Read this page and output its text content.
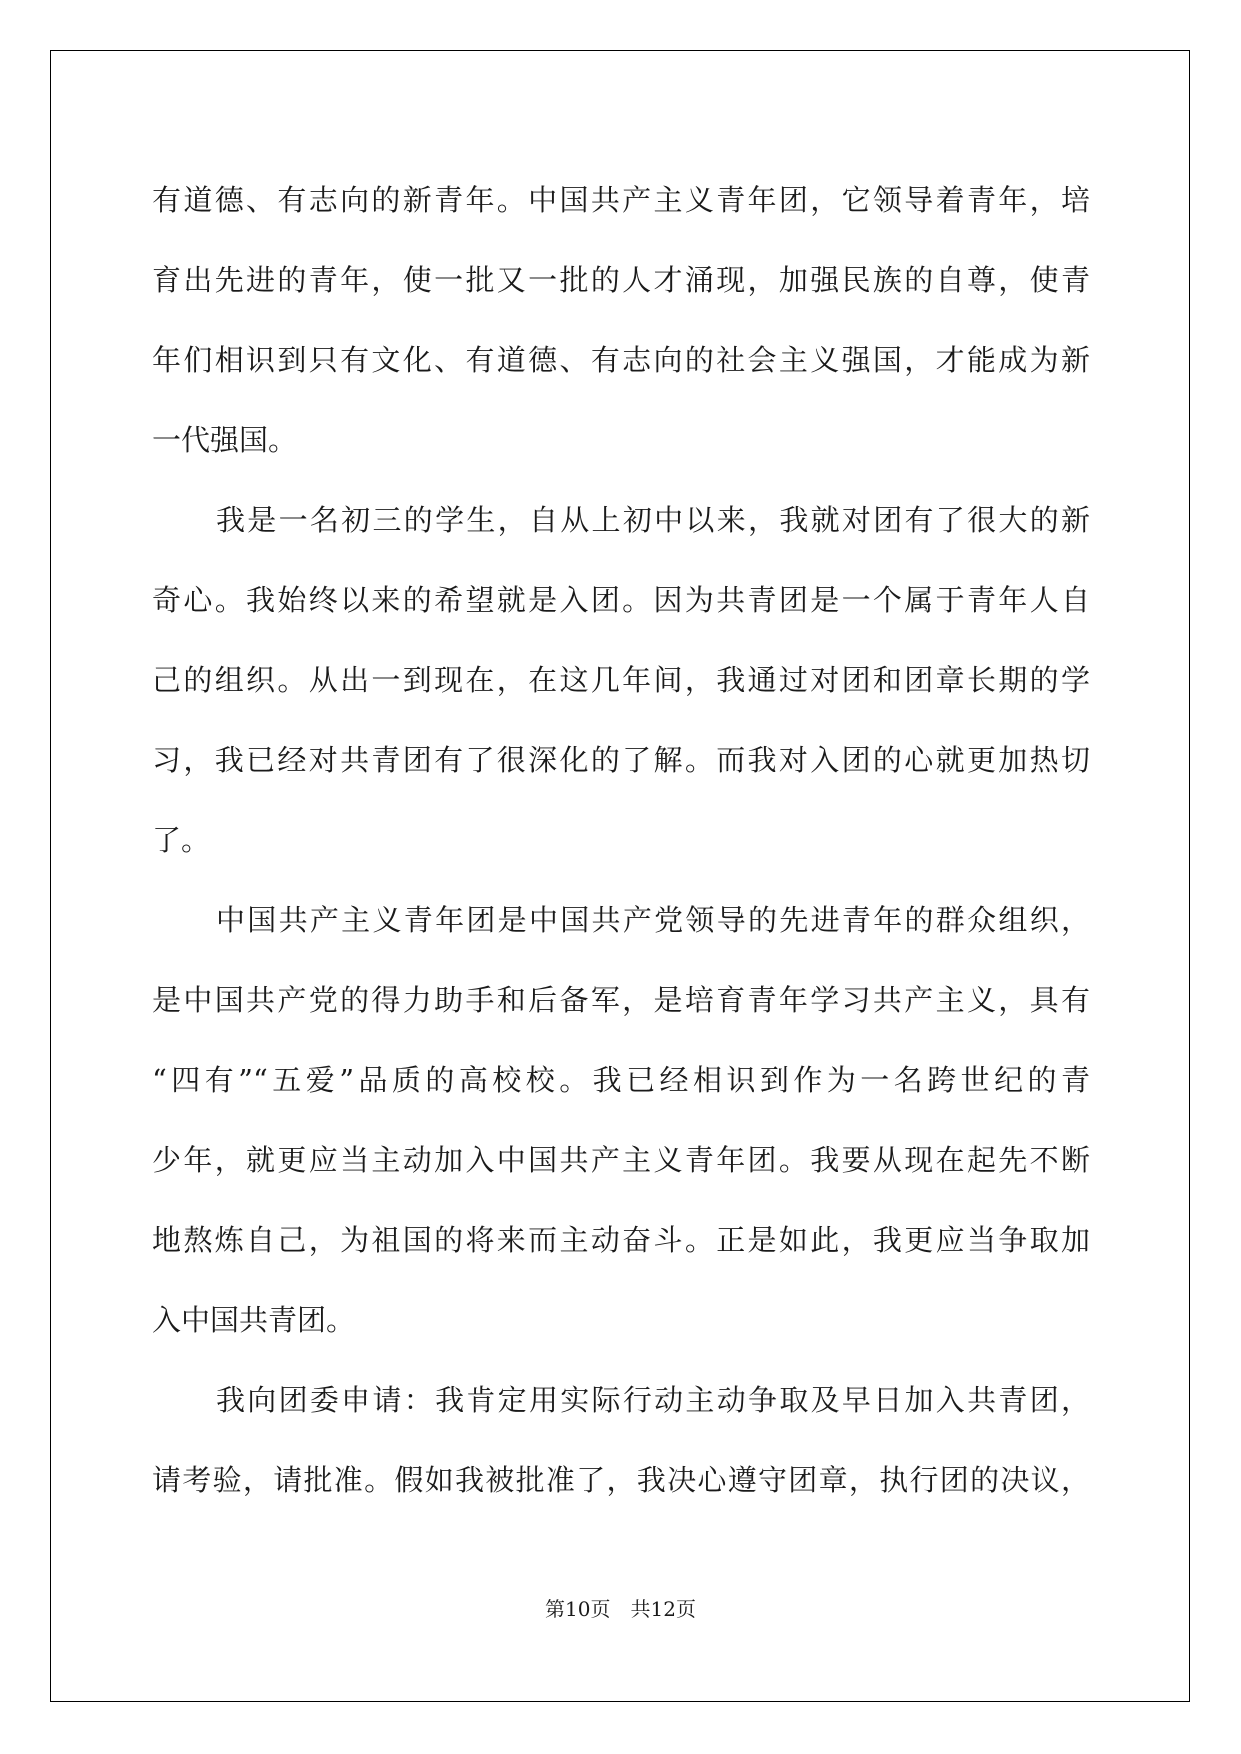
有道德、有志向的新青年。中国共产主义青年团，它领导着青年，培
育出先进的青年，使一批又一批的人才涌现，加强民族的自尊，使青
年们相识到只有文化、有道德、有志向的社会主义强国，才能成为新
一代强国。
我是一名初三的学生，自从上初中以来，我就对团有了很大的新
奇心。我始终以来的希望就是入团。因为共青团是一个属于青年人自
己的组织。从出一到现在，在这几年间，我通过对团和团章长期的学
习，我已经对共青团有了很深化的了解。而我对入团的心就更加热切
了。
中国共产主义青年团是中国共产党领导的先进青年的群众组织，
是中国共产党的得力助手和后备军，是培育青年学习共产主义，具有
“四有”“五爱”品质的高校校。我已经相识到作为一名跨世纪的青
少年，就更应当主动加入中国共产主义青年团。我要从现在起先不断
地熬炼自己，为祖国的将来而主动奋斗。正是如此，我更应当争取加
入中国共青团。
我向团委申请：我肯定用实际行动主动争取及早日加入共青团，
请考验，请批准。假如我被批准了，我决心遵守团章，执行团的决议，
第10页 共12页
